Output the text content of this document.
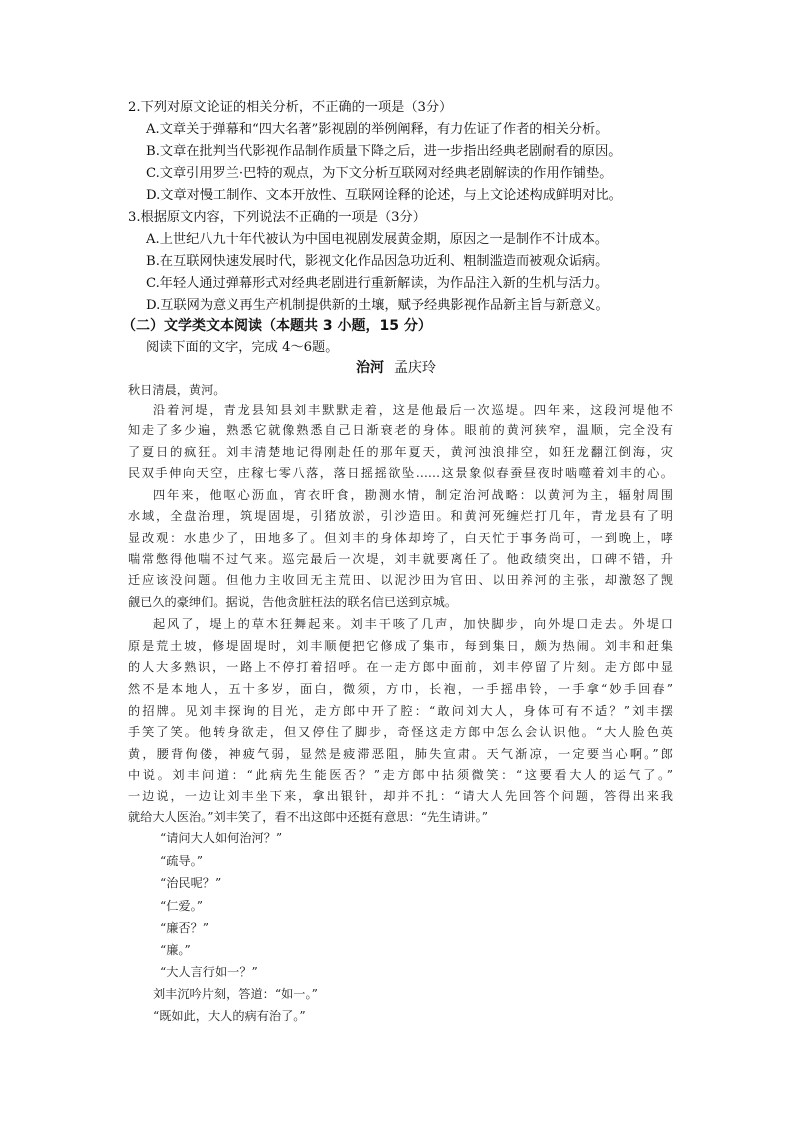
2.下列对原文论证的相关分析，不正确的一项是（3分）
A.文章关于弹幕和“四大名著”影视剧的举例阐释，有力佐证了作者的相关分析。
B.文章在批判当代影视作品制作质量下降之后，进一步指出经典老剧耐看的原因。
C.文章引用罗兰·巴特的观点，为下文分析互联网对经典老剧解读的作用作铺垫。
D.文章对慢工制作、文本开放性、互联网诠释的论述，与上文论述构成鲜明对比。
3.根据原文内容，下列说法不正确的一项是（3分）
A.上世纪八九十年代被认为中国电视剧发展黄金期，原因之一是制作不计成本。
B.在互联网快速发展时代，影视文化作品因急功近利、粗制滥造而被观众诟病。
C.年轻人通过弹幕形式对经典老剧进行重新解读，为作品注入新的生机与活力。
D.互联网为意义再生产机制提供新的土壤，赋予经典影视作品新主旨与新意义。
（二）文学类文本阅读（本题共 3 小题，15 分）
阅读下面的文字，完成 4～6题。
治河 孟庆玲
秋日清晨，黄河。
沿着河堤，青龙县知县刘丰默默走着，这是他最后一次巡堤。四年来，这段河堤他不
知走了多少遍，熟悉它就像熟悉自己日渐衰老的身体。眼前的黄河狭窄，温顺，完全没有
了夏日的疯狂。刘丰清楚地记得刚赴任的那年夏天，黄河浊浪排空，如狂龙翻江倒海，灾
民双手伸向天空，庄稼七零八落，落日摇摇欲坠……这景象似春蚕昼夜时啮噬着刘丰的心。
四年来，他呕心沥血，宵衣旰食，勘测水情，制定治河战略：以黄河为主，辐射周围
水域，全盘治理，筑堤固堤，引猪放淤，引沙造田。和黄河死缠烂打几年，青龙县有了明
显改观：水患少了，田地多了。但刘丰的身体却垮了，白天忙于事务尚可，一到晚上，哮
喘常憋得他喘不过气来。巡完最后一次堤，刘丰就要离任了。他政绩突出，口碑不错，升
迁应该没问题。但他力主收回无主荒田、以泥沙田为官田、以田养河的主张，却激怒了觊
觎已久的豪绅们。据说，告他贪脏枉法的联名信已送到京城。
起风了，堤上的草木狂舞起来。刘丰干咳了几声，加快脚步，向外堤口走去。外堤口
原是荒土坡，修堤固堤时，刘丰顺便把它修成了集市，每到集日，颇为热闹。刘丰和赶集
的人大多熟识，一路上不停打着招呼。在一走方郎中面前，刘丰停留了片刻。走方郎中显
然不是本地人，五十多岁，面白，微须，方巾，长袍，一手摇串铃，一手拿“妙手回春”
的招牌。见刘丰探询的目光，走方郎中开了腔：“敢问刘大人，身体可有不适？”刘丰摆
手笑了笑。他转身欲走，但又停住了脚步，奇怪这走方郎中怎么会认识他。“大人脸色英
黄，腰背佝偻，神疲气弱，显然是疲滞恶阻，肺失宣肃。天气渐凉，一定要当心啊。”郎
中说。刘丰问道：“此病先生能医否？”走方郎中拈须微笑：“这要看大人的运气了。”
一边说，一边让刘丰坐下来，拿出银针，却并不扎：“请大人先回答个问题，答得出来我
就给大人医治。”刘丰笑了，看不出这郎中还挺有意思：“先生请讲。”
“请问大人如何治河？”
“疏导。”
“治民呢？”
“仁爱。”
“廉否？”
“廉。”
“大人言行如一？”
刘丰沉吟片刻，答道：“如一。”
“既如此，大人的病有治了。”
